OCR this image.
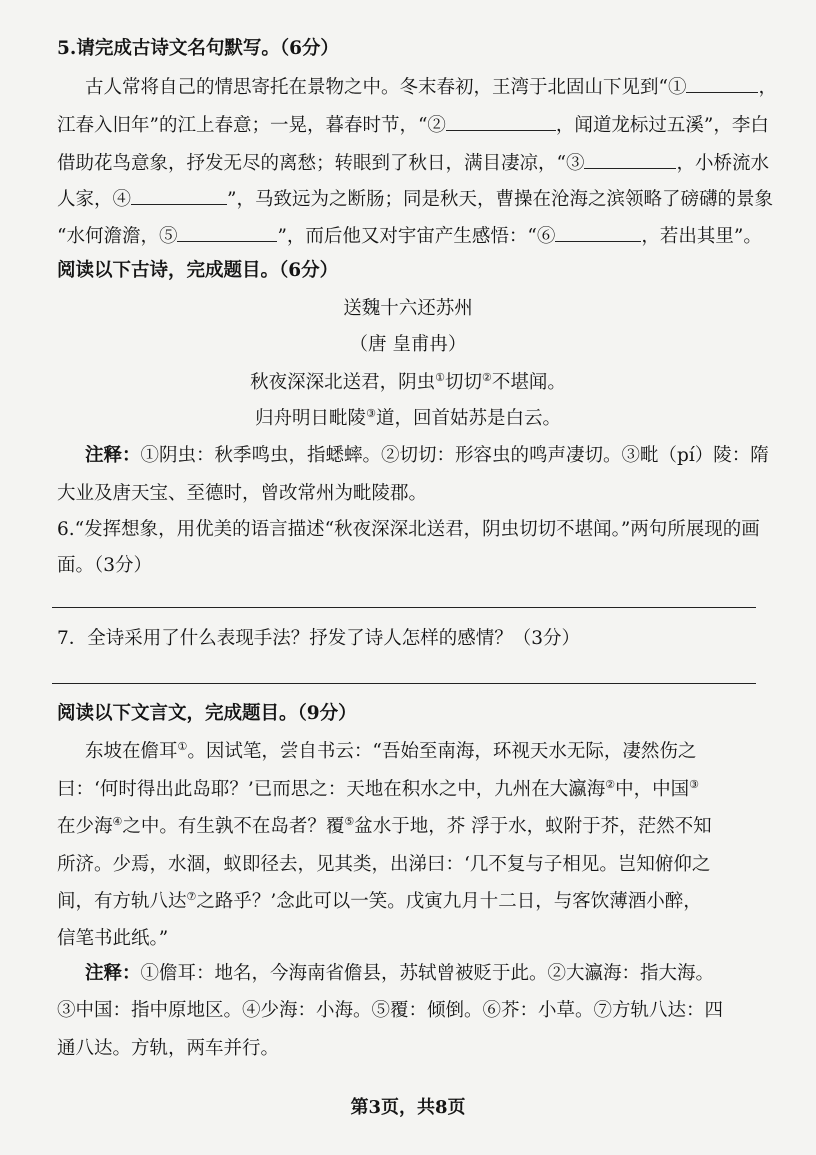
5.请完成古诗文名句默写。（6分）
古人常将自己的情思寄托在景物之中。冬末春初，王湾于北固山下见到“①	，
江春入旧年”的江上春意；一晃，暮春时节，“②	，闻道龙标过五溪”，李白
借助花鸟意象，抒发无尽的离愁；转眼到了秋日，满目凄凉，“③	，小桥流水
人家，④	”，马致远为之断肠；同是秋天，曹操在沧海之滨领略了磅礴的景象
“水何澹澹，⑤	”，而后他又对宇宙产生感悟：“⑥	，若出其里”。
阅读以下古诗，完成题目。（6分）
送魏十六还苏州
（唐 皇甫冉）
秋夜深深北送君，阴虫①切切②不堪闻。
归舟明日毗陵③道，回首姑苏是白云。
注释：①阴虫：秋季鸣虫，指蟋蟀。②切切：形容虫的鸣声凄切。③毗（pí）陵：隋
大业及唐天宝、至德时，曾改常州为毗陵郡。
6.“发挥想象，用优美的语言描述“秋夜深深北送君，阴虫切切不堪闻。”两句所展现的画
面。（3分）
7．全诗采用了什么表现手法？抒发了诗人怎样的感情？（3分）
阅读以下文言文，完成题目。（9分）
东坡在儋耳①。因试笔，尝自书云：“吾始至南海，环视天水无际，凄然伤之
曰：‘何时得出此岛耶？’已而思之：天地在积水之中，九州在大瀛海②中，中国③
在少海④之中。有生孰不在岛者？覆⑤盆水于地，芥 浮于水，蚁附于芥，茫然不知
所济。少焉，水涸，蚁即径去，见其类，出涕曰：‘几不复与子相见。岂知俯仰之
间，有方轨八达⑦之路乎？’念此可以一笑。戊寅九月十二日，与客饮薄酒小醉，
信笔书此纸。”
注释：①儋耳：地名，今海南省儋县，苏轼曾被贬于此。②大瀛海：指大海。
③中国：指中原地区。④少海：小海。⑤覆：倾倒。⑥芥：小草。⑦方轨八达：四
通八达。方轨，两车并行。
第3页，共8页
